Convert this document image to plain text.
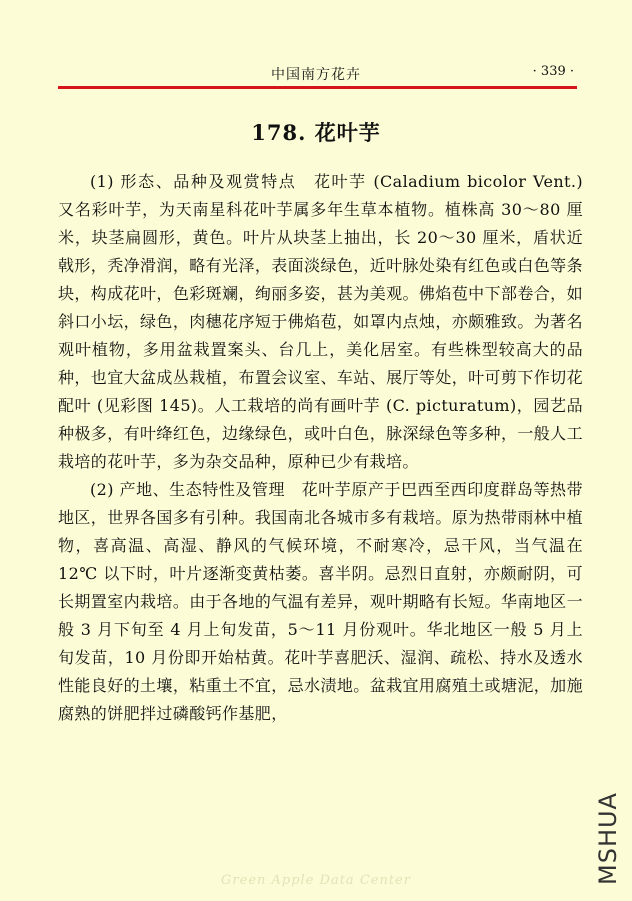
中国南方花卉	· 339 ·
178. 花叶芋

(1) 形态、品种及观赏特点　花叶芋 (Caladium bicolor Vent.) 又名彩叶芋，为天南星科花叶芋属多年生草本植物。植株高 30～80 厘米，块茎扁圆形，黄色。叶片从块茎上抽出，长 20～30 厘米，盾状近戟形，秃净滑润，略有光泽，表面淡绿色，近叶脉处染有红色或白色等条块，构成花叶，色彩斑斓，绚丽多姿，甚为美观。佛焰苞中下部卷合，如斜口小坛，绿色，肉穗花序短于佛焰苞，如罩内点烛，亦颇雅致。为著名观叶植物，多用盆栽置案头、台几上，美化居室。有些株型较高大的品种，也宜大盆成丛栽植，布置会议室、车站、展厅等处，叶可剪下作切花配叶 (见彩图 145)。人工栽培的尚有画叶芋 (C. picturatum)，园艺品种极多，有叶绛红色，边缘绿色，或叶白色，脉深绿色等多种，一般人工栽培的花叶芋，多为杂交品种，原种已少有栽培。

(2) 产地、生态特性及管理　花叶芋原产于巴西至西印度群岛等热带地区，世界各国多有引种。我国南北各城市多有栽培。原为热带雨林中植物，喜高温、高湿、静风的气候环境，不耐寒冷，忌干风，当气温在 12℃ 以下时，叶片逐渐变黄枯萎。喜半阴。忌烈日直射，亦颇耐阴，可长期置室内栽培。由于各地的气温有差异，观叶期略有长短。华南地区一般 3 月下旬至 4 月上旬发苗，5～11 月份观叶。华北地区一般 5 月上旬发苗，10 月份即开始枯黄。花叶芋喜肥沃、湿润、疏松、持水及透水性能良好的土壤，粘重土不宜，忌水渍地。盆栽宜用腐殖土或塘泥，加施腐熟的饼肥拌过磷酸钙作基肥，

MSHUA
Green Apple Data Center
